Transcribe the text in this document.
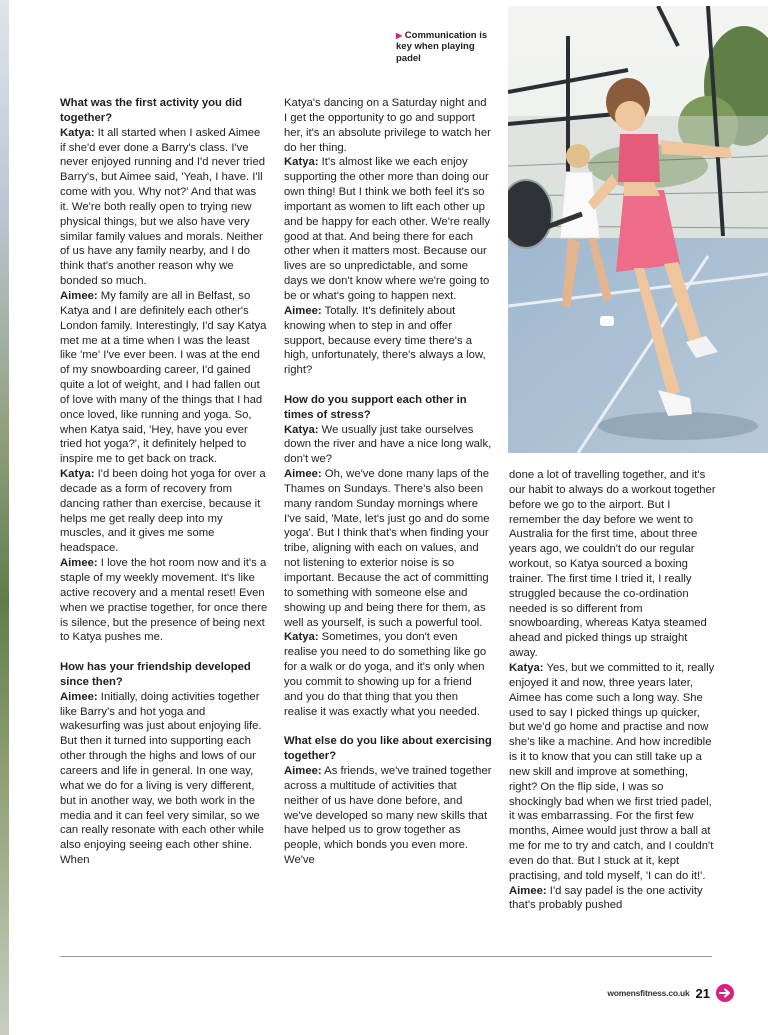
▶ Communication is key when playing padel

What was the first activity you did together?
Katya: It all started when I asked Aimee if she'd ever done a Barry's class. I've never enjoyed running and I'd never tried Barry's, but Aimee said, 'Yeah, I have. I'll come with you. Why not?' And that was it. We're both really open to trying new physical things, but we also have very similar family values and morals. Neither of us have any family nearby, and I do think that's another reason why we bonded so much.
Aimee: My family are all in Belfast, so Katya and I are definitely each other's London family. Interestingly, I'd say Katya met me at a time when I was the least like 'me' I've ever been. I was at the end of my snowboarding career, I'd gained quite a lot of weight, and I had fallen out of love with many of the things that I had once loved, like running and yoga. So, when Katya said, 'Hey, have you ever tried hot yoga?', it definitely helped to inspire me to get back on track.
Katya: I'd been doing hot yoga for over a decade as a form of recovery from dancing rather than exercise, because it helps me get really deep into my muscles, and it gives me some headspace.
Aimee: I love the hot room now and it's a staple of my weekly movement. It's like active recovery and a mental reset! Even when we practise together, for once there is silence, but the presence of being next to Katya pushes me.

How has your friendship developed since then?
Aimee: Initially, doing activities together like Barry's and hot yoga and wakesurfing was just about enjoying life. But then it turned into supporting each other through the highs and lows of our careers and life in general. In one way, what we do for a living is very different, but in another way, we both work in the media and it can feel very similar, so we can really resonate with each other while also enjoying seeing each other shine. When

Katya's dancing on a Saturday night and I get the opportunity to go and support her, it's an absolute privilege to watch her do her thing.
Katya: It's almost like we each enjoy supporting the other more than doing our own thing! But I think we both feel it's so important as women to lift each other up and be happy for each other. We're really good at that. And being there for each other when it matters most. Because our lives are so unpredictable, and some days we don't know where we're going to be or what's going to happen next.
Aimee: Totally. It's definitely about knowing when to step in and offer support, because every time there's a high, unfortunately, there's always a low, right?

How do you support each other in times of stress?
Katya: We usually just take ourselves down the river and have a nice long walk, don't we?
Aimee: Oh, we've done many laps of the Thames on Sundays. There's also been many random Sunday mornings where I've said, 'Mate, let's just go and do some yoga'. But I think that's when finding your tribe, aligning with each on values, and not listening to exterior noise is so important. Because the act of committing to something with someone else and showing up and being there for them, as well as yourself, is such a powerful tool.
Katya: Sometimes, you don't even realise you need to do something like go for a walk or do yoga, and it's only when you commit to showing up for a friend and you do that thing that you then realise it was exactly what you needed.

What else do you like about exercising together?
Aimee: As friends, we've trained together across a multitude of activities that neither of us have done before, and we've developed so many new skills that have helped us to grow together as people, which bonds you even more. We've

done a lot of travelling together, and it's our habit to always do a workout together before we go to the airport. But I remember the day before we went to Australia for the first time, about three years ago, we couldn't do our regular workout, so Katya sourced a boxing trainer. The first time I tried it, I really struggled because the co-ordination needed is so different from snowboarding, whereas Katya steamed ahead and picked things up straight away.
Katya: Yes, but we committed to it, really enjoyed it and now, three years later, Aimee has come such a long way. She used to say I picked things up quicker, but we'd go home and practise and now she's like a machine. And how incredible is it to know that you can still take up a new skill and improve at something, right? On the flip side, I was so shockingly bad when we first tried padel, it was embarrassing. For the first few months, Aimee would just throw a ball at me for me to try and catch, and I couldn't even do that. But I stuck at it, kept practising, and told myself, 'I can do it!'.
Aimee: I'd say padel is the one activity that's probably pushed

womensfitness.co.uk 21
